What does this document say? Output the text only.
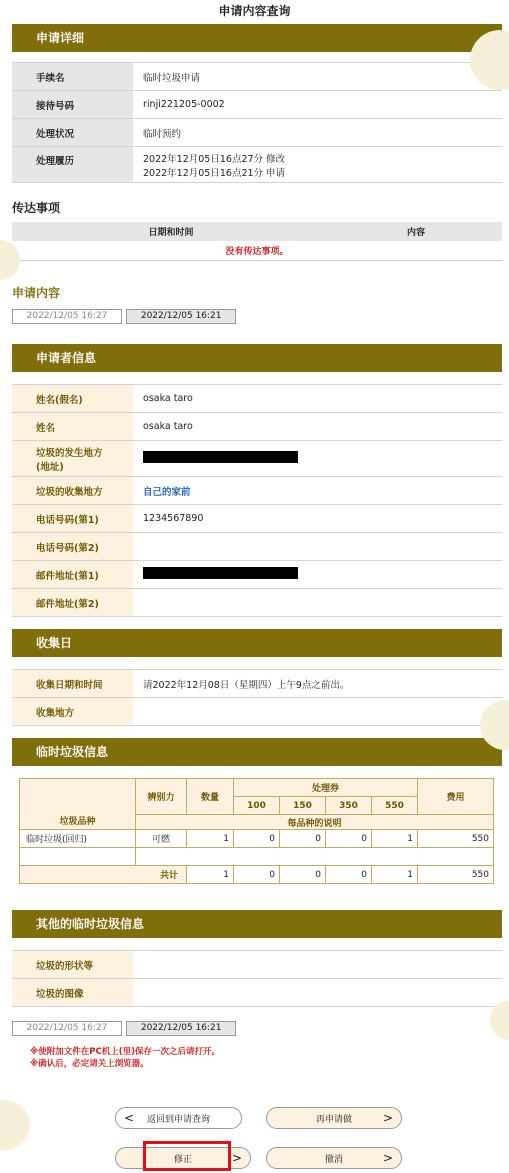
申请内容查询
申请详细
手续名	临时垃圾申请
接待号码	rinji221205-0002
处理状况	临时预约
处理履历	2022年12月05日16点27分 修改
2022年12月05日16点21分 申请
传达事项
日期和时间	内容
没有传达事项。
申请内容
2022/12/05 16:27	2022/12/05 16:21
申请者信息
姓名(假名)	osaka taro
姓名	osaka taro

垃圾的发生地方
(地址)	

垃圾的收集地方	自己的家前
电话号码(第1)	1234567890
电话号码(第2)	
邮件地址(第1)	
邮件地址(第2)	
收集日
收集日期和时间	请2022年12月08日（星期四）上午9点之前出。
收集地方	
临时垃圾信息
垃圾品种	辨别力	数量	处理券				费用
			100	150	350	550	
	每品种的说明						
临时垃圾(回归)	可燃	1	0	0	0	1	550

共计		1	0	0	0	1	550
其他的临时垃圾信息
垃圾的形状等	
垃圾的图像	
2022/12/05 16:27	2022/12/05 16:21
※使附加文件在PC机上(里)保存一次之后请打开。
※确认后，必定请关上浏览器。
< 返回到申请查询	再申请做	>
修正	>	撤消	>
